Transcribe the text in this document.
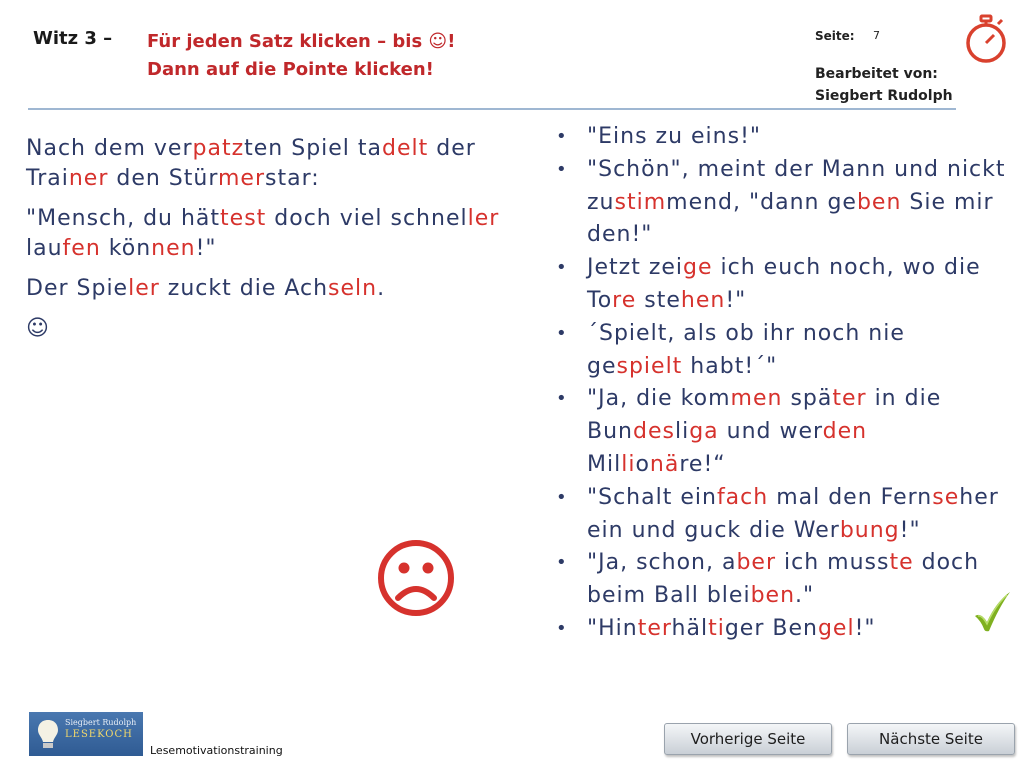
Witz 3 – Für jeden Satz klicken – bis ☺!
Dann auf die Pointe klicken!
Seite: 7
Bearbeitet von:
Siegbert Rudolph

Nach dem verpatzten Spiel tadelt der Trainer den Stürmerstar:

"Mensch, du hättest doch viel schneller laufen können!"

Der Spieler zuckt die Achseln.

☺

• "Eins zu eins!"
• "Schön", meint der Mann und nickt zustimmend, "dann geben Sie mir den!"
• Jetzt zeige ich euch noch, wo die Tore stehen!"
• ´Spielt, als ob ihr noch nie gespielt habt!´"
• "Ja, die kommen später in die Bundesliga und werden Millionäre!“
• "Schalt einfach mal den Fernseher ein und guck die Werbung!"
• "Ja, schon, aber ich musste doch beim Ball bleiben."
• "Hinterhältiger Bengel!"
Siegbert Rudolph
LESEKOCH
Lesemotivationstraining
Vorherige Seite	Nächste Seite
